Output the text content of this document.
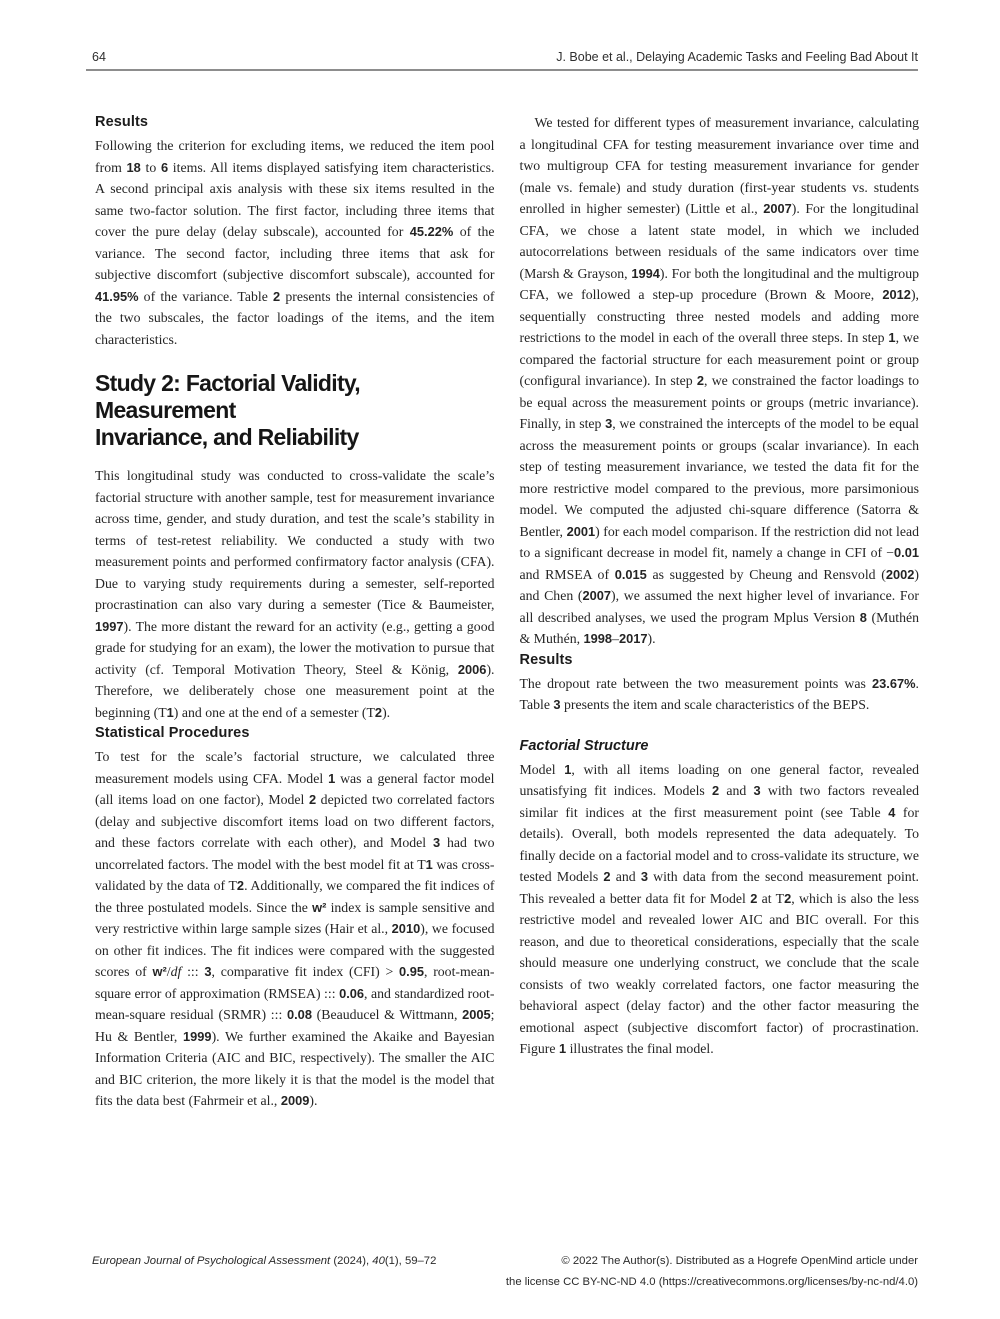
64	J. Bobe et al., Delaying Academic Tasks and Feeling Bad About It
Results

Following the criterion for excluding items, we reduced the item pool from 18 to 6 items. All items displayed satisfying item characteristics. A second principal axis analysis with these six items resulted in the same two-factor solution. The first factor, including three items that cover the pure delay (delay subscale), accounted for 45.22% of the variance. The second factor, including three items that ask for subjective discomfort (subjective discomfort subscale), accounted for 41.95% of the variance. Table 2 presents the internal consistencies of the two subscales, the factor loadings of the items, and the item characteristics.

Study 2: Factorial Validity, Measurement
Invariance, and Reliability

This longitudinal study was conducted to cross-validate the scale’s factorial structure with another sample, test for measurement invariance across time, gender, and study duration, and test the scale’s stability in terms of test-retest reliability. We conducted a study with two measurement points and performed confirmatory factor analysis (CFA). Due to varying study requirements during a semester, self-reported procrastination can also vary during a semester (Tice & Baumeister, 1997). The more distant the reward for an activity (e.g., getting a good grade for studying for an exam), the lower the motivation to pursue that activity (cf. Temporal Motivation Theory, Steel & König, 2006). Therefore, we deliberately chose one measurement point at the beginning (T1) and one at the end of a semester (T2).

Statistical Procedures

To test for the scale’s factorial structure, we calculated three measurement models using CFA. Model 1 was a general factor model (all items load on one factor), Model 2 depicted two correlated factors (delay and subjective discomfort items load on two different factors, and these factors correlate with each other), and Model 3 had two uncorrelated factors. The model with the best model fit at T1 was cross-validated by the data of T2. Additionally, we compared the fit indices of the three postulated models. Since the w² index is sample sensitive and very restrictive within large sample sizes (Hair et al., 2010), we focused on other fit indices. The fit indices were compared with the suggested scores of w²/df ::: 3, comparative fit index (CFI) > 0.95, root-mean-square error of approximation (RMSEA) ::: 0.06, and standardized root-mean-square residual (SRMR) ::: 0.08 (Beauducel & Wittmann, 2005; Hu & Bentler, 1999). We further examined the Akaike and Bayesian Information Criteria (AIC and BIC, respectively). The smaller the AIC and BIC criterion, the more likely it is that the model is the model that fits the data best (Fahrmeir et al., 2009).

We tested for different types of measurement invariance, calculating a longitudinal CFA for testing measurement invariance over time and two multigroup CFA for testing measurement invariance for gender (male vs. female) and study duration (first-year students vs. students enrolled in higher semester) (Little et al., 2007). For the longitudinal CFA, we chose a latent state model, in which we included autocorrelations between residuals of the same indicators over time (Marsh & Grayson, 1994). For both the longitudinal and the multigroup CFA, we followed a step-up procedure (Brown & Moore, 2012), sequentially constructing three nested models and adding more restrictions to the model in each of the overall three steps. In step 1, we compared the factorial structure for each measurement point or group (configural invariance). In step 2, we constrained the factor loadings to be equal across the measurement points or groups (metric invariance). Finally, in step 3, we constrained the intercepts of the model to be equal across the measurement points or groups (scalar invariance). In each step of testing measurement invariance, we tested the data fit for the more restrictive model compared to the previous, more parsimonious model. We computed the adjusted chi-square difference (Satorra & Bentler, 2001) for each model comparison. If the restriction did not lead to a significant decrease in model fit, namely a change in CFI of −0.01 and RMSEA of 0.015 as suggested by Cheung and Rensvold (2002) and Chen (2007), we assumed the next higher level of invariance. For all described analyses, we used the program Mplus Version 8 (Muthén & Muthén, 1998–2017).

Results

The dropout rate between the two measurement points was 23.67%. Table 3 presents the item and scale characteristics of the BEPS.

Factorial Structure

Model 1, with all items loading on one general factor, revealed unsatisfying fit indices. Models 2 and 3 with two factors revealed similar fit indices at the first measurement point (see Table 4 for details). Overall, both models represented the data adequately. To finally decide on a factorial model and to cross-validate its structure, we tested Models 2 and 3 with data from the second measurement point. This revealed a better data fit for Model 2 at T2, which is also the less restrictive model and revealed lower AIC and BIC overall. For this reason, and due to theoretical considerations, especially that the scale should measure one underlying construct, we conclude that the scale consists of two weakly correlated factors, one factor measuring the behavioral aspect (delay factor) and the other factor measuring the emotional aspect (subjective discomfort factor) of procrastination. Figure 1 illustrates the final model.

European Journal of Psychological Assessment (2024), 40(1), 59–72	© 2022 The Author(s). Distributed as a Hogrefe OpenMind article under
the license CC BY-NC-ND 4.0 (https://creativecommons.org/licenses/by-nc-nd/4.0)
